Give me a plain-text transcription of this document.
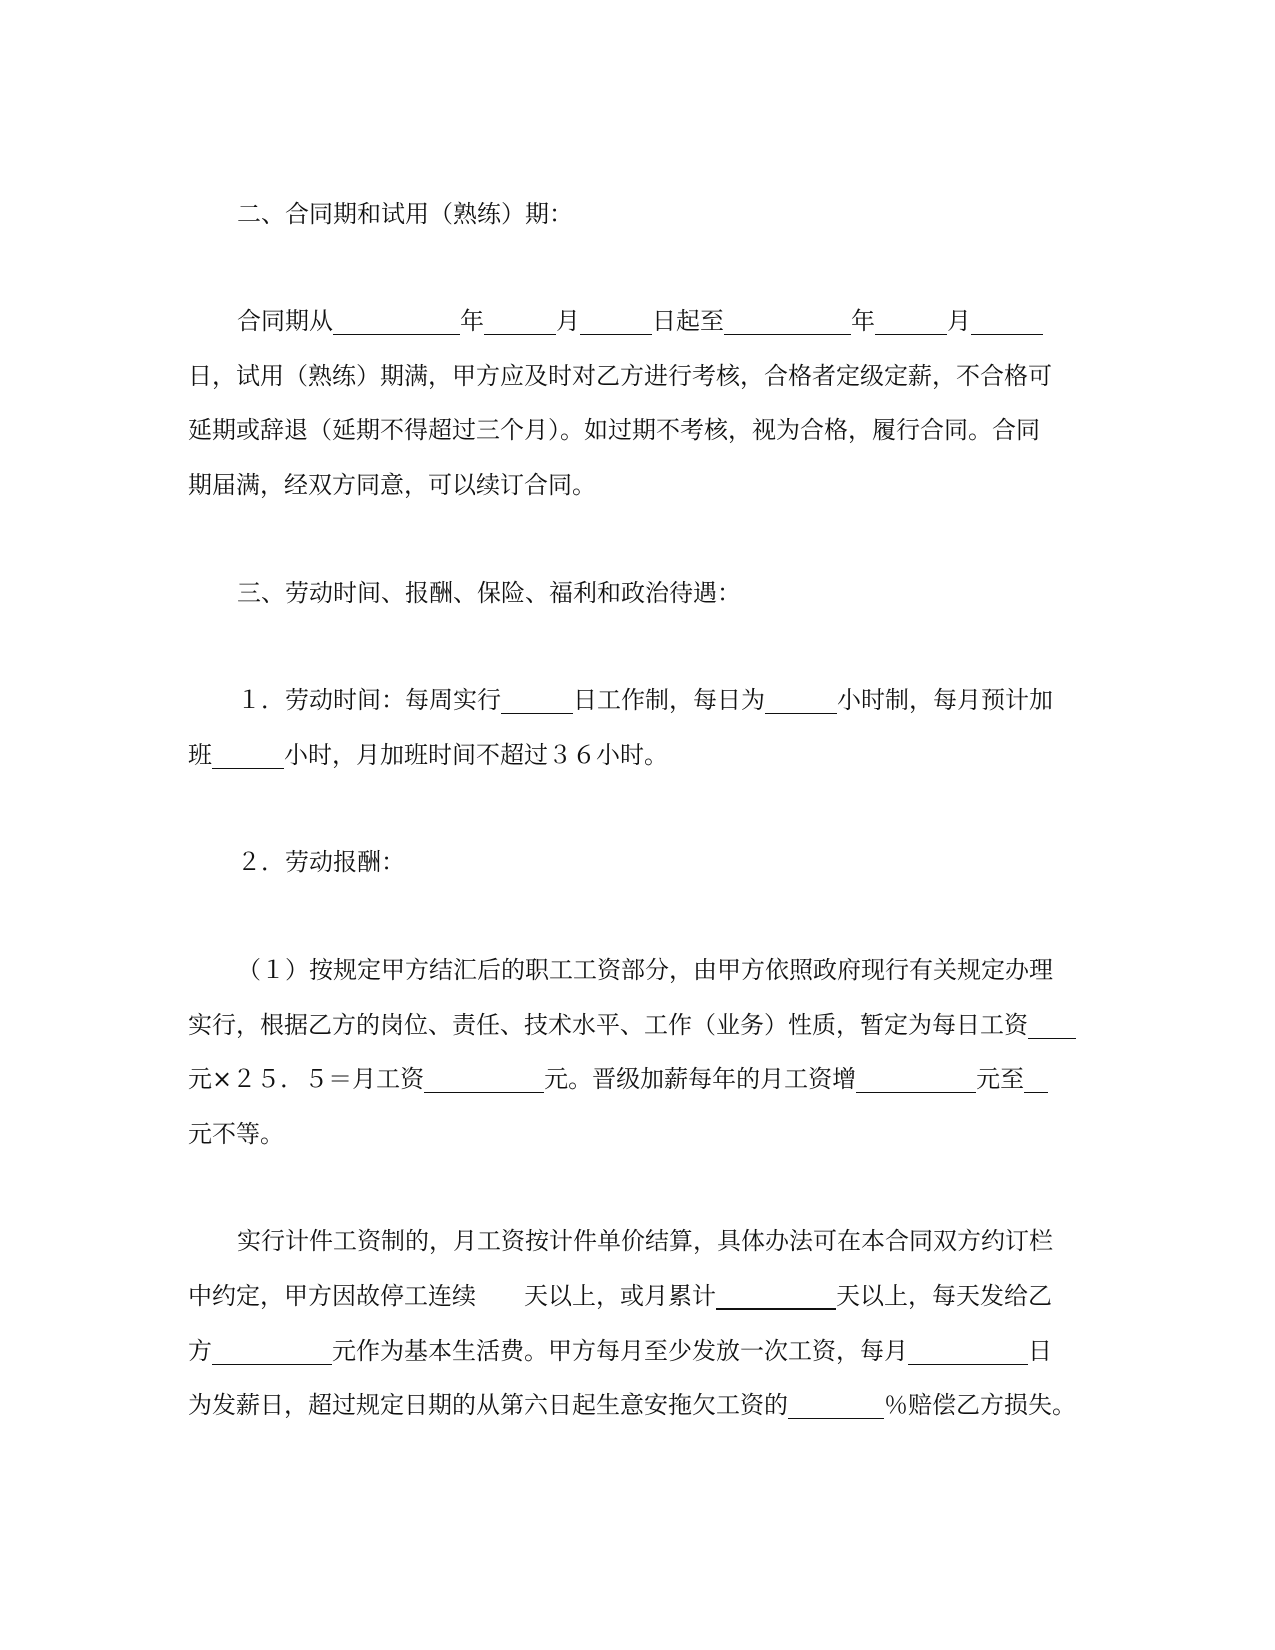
二、合同期和试用（熟练）期：
合同期从	年	月	日起至	年	月
日，试用（熟练）期满，甲方应及时对乙方进行考核，合格者定级定薪，不合格可
延期或辞退（延期不得超过三个月）。如过期不考核，视为合格，履行合同。合同
期届满，经双方同意，可以续订合同。
三、劳动时间、报酬、保险、福利和政治待遇：
１．劳动时间：每周实行	日工作制，每日为	小时制，每月预计加
班	小时，月加班时间不超过３６小时。
２．劳动报酬：
（１）按规定甲方结汇后的职工工资部分，由甲方依照政府现行有关规定办理
实行，根据乙方的岗位、责任、技术水平、工作（业务）性质，暂定为每日工资
元×２５．５＝月工资	元。晋级加薪每年的月工资增	元至
元不等。
实行计件工资制的，月工资按计件单价结算，具体办法可在本合同双方约订栏
中约定，甲方因故停工连续 天以上，或月累计	天以上，每天发给乙
方	元作为基本生活费。甲方每月至少发放一次工资，每月	日
为发薪日，超过规定日期的从第六日起生意安拖欠工资的	％赔偿乙方损失。
